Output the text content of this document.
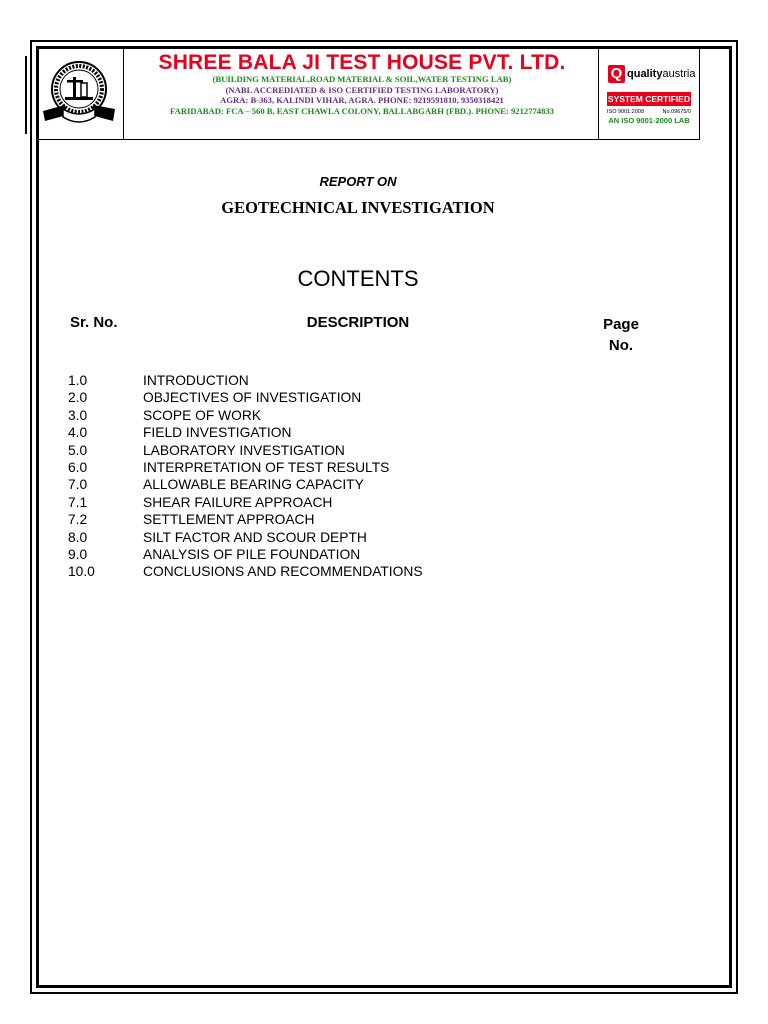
SHREE BALA JI TEST HOUSE PVT. LTD.
(BUILDING MATERIAL,ROAD MATERIAL & SOIL,WATER TESTING LAB)
(NABL ACCREDIATED & ISO CERTIFIED TESTING LABORATORY)
AGRA: B-363, KALINDI VIHAR, AGRA. PHONE: 9219591810, 9350318421
FARIDABAD: FCA – 560 B, EAST CHAWLA COLONY, BALLABGARH (FBD.). PHONE: 9212774833
Q qualityaustria
SYSTEM CERTIFIED
ISO 9001:2008	No.09675/0
AN ISO 9001-2000 LAB
REPORT ON
GEOTECHNICAL INVESTIGATION
CONTENTS
Sr. No.	DESCRIPTION	Page
No.
1.0	INTRODUCTION
2.0	OBJECTIVES OF INVESTIGATION
3.0	SCOPE OF WORK
4.0	FIELD INVESTIGATION
5.0	LABORATORY INVESTIGATION
6.0	INTERPRETATION OF TEST RESULTS
7.0	ALLOWABLE BEARING CAPACITY
7.1	SHEAR FAILURE APPROACH
7.2	SETTLEMENT APPROACH
8.0	SILT FACTOR AND SCOUR DEPTH
9.0	ANALYSIS OF PILE FOUNDATION
10.0	CONCLUSIONS AND RECOMMENDATIONS
